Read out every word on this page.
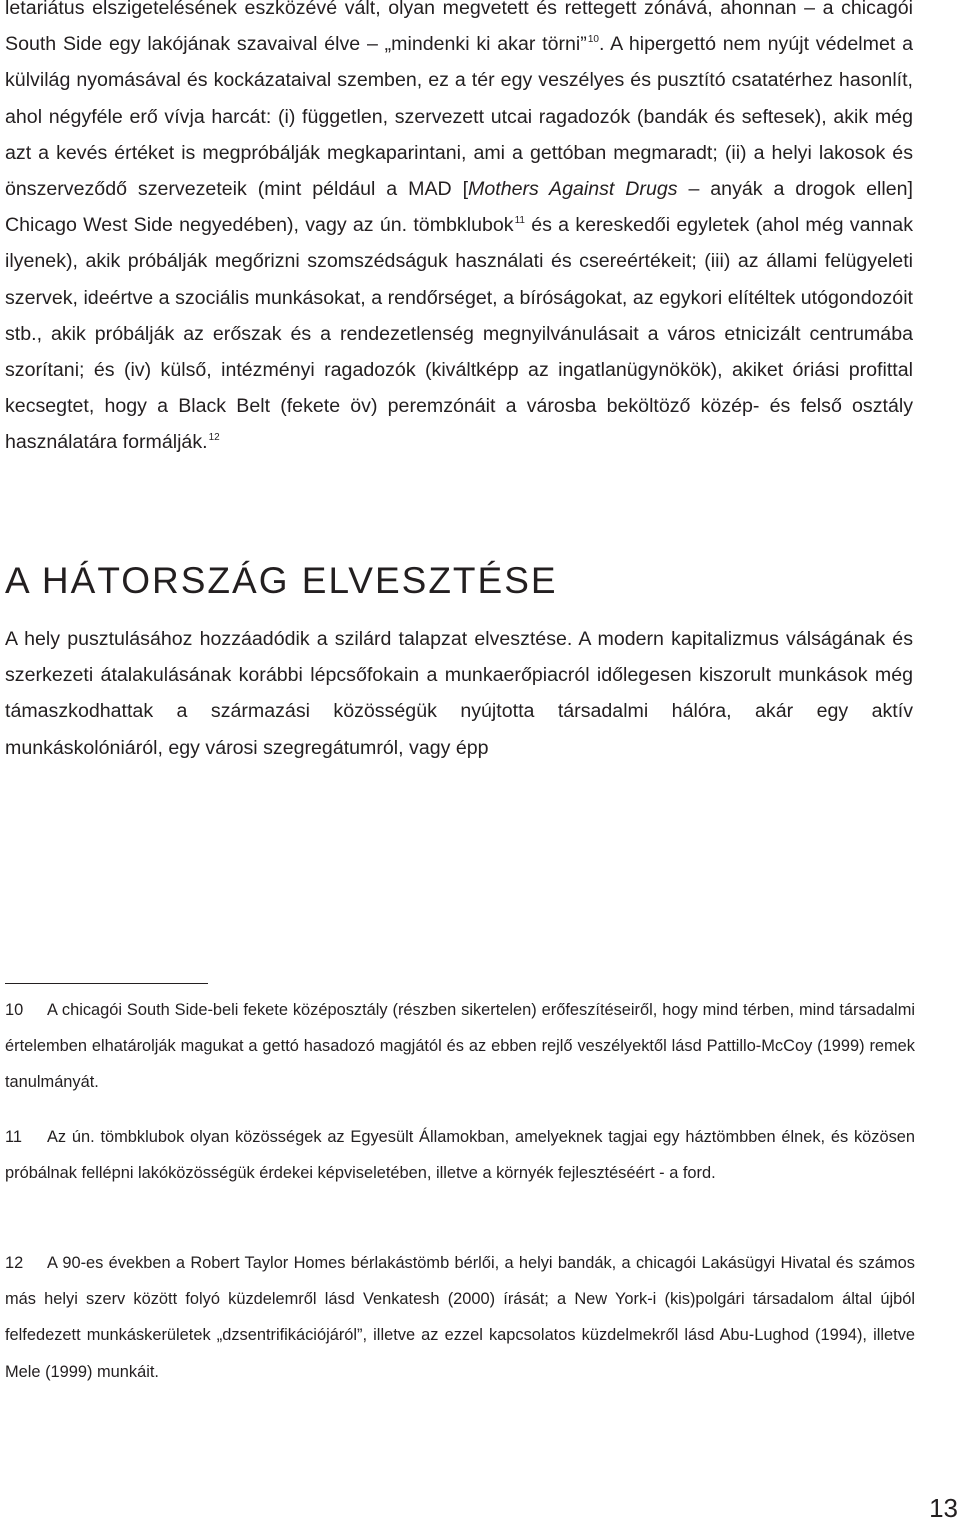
letariátus elszigetelésének eszközévé vált, olyan megvetett és rettegett zónává, ahonnan – a chicagói South Side egy lakójának szavaival élve – „mindenki ki akar törni”$^{10}$. A hipergettó nem nyújt védelmet a külvilág nyomásával és kockázataival szemben, ez a tér egy veszélyes és pusztító csatatérhez hasonlít, ahol négyféle erő vívja harcát: (i) független, szervezett utcai ragadozók (bandák és seftesek), akik még azt a kevés értéket is megpróbálják megkaparintani, ami a gettóban megmaradt; (ii) a helyi lakosok és önszerveződő szervezeteik (mint például a MAD [Mothers Against Drugs – anyák a drogok ellen] Chicago West Side negyedében), vagy az ún. tömbklubok$^{11}$ és a kereskedői egyletek (ahol még vannak ilyenek), akik próbálják megőrizni szomszédságuk használati és csereértékeit; (iii) az állami felügyeleti szervek, ideértve a szociális munkásokat, a rendőrséget, a bíróságokat, az egykori elítéltek utógondozóit stb., akik próbálják az erőszak és a rendezetlenség megnyilvánulásait a város etnicizált centrumába szorítani; és (iv) külső, intézményi ragadozók (kiváltképp az ingatlanügynökök), akiket óriási profittal kecsegtet, hogy a Black Belt (fekete öv) peremzónáit a városba beköltöző közép- és felső osztály használatára formálják.$^{12}$

A HÁTORSZÁG ELVESZTÉSE

A hely pusztulásához hozzáadódik a szilárd talapzat elvesztése. A modern kapitalizmus válságának és szerkezeti átalakulásának korábbi lépcsőfokain a munkaerőpiacról időlegesen kiszorult munkások még támaszkodhattak a származási közösségük nyújtotta társadalmi hálóra, akár egy aktív munkáskolóniáról, egy városi szegregátumról, vagy épp

10 A chicagói South Side-beli fekete középosztály (részben sikertelen) erőfeszítéseiről, hogy mind térben, mind társadalmi értelemben elhatárolják magukat a gettó hasadozó magjától és az ebben rejlő veszélyektől lásd Pattillo-McCoy (1999) remek tanulmányát.

11 Az ún. tömbklubok olyan közösségek az Egyesült Államokban, amelyeknek tagjai egy háztömbben élnek, és közösen próbálnak fellépni lakóközösségük érdekei képviseletében, illetve a környék fejlesztéséért - a ford.

12 A 90-es években a Robert Taylor Homes bérlakástömb bérlői, a helyi bandák, a chicagói Lakásügyi Hivatal és számos más helyi szerv között folyó küzdelemről lásd Venkatesh (2000) írását; a New York-i (kis)polgári társadalom által újból felfedezett munkáskerületek „dzsentrifikációjáról”, illetve az ezzel kapcsolatos küzdelmekről lásd Abu-Lughod (1994), illetve Mele (1999) munkáit.

13
